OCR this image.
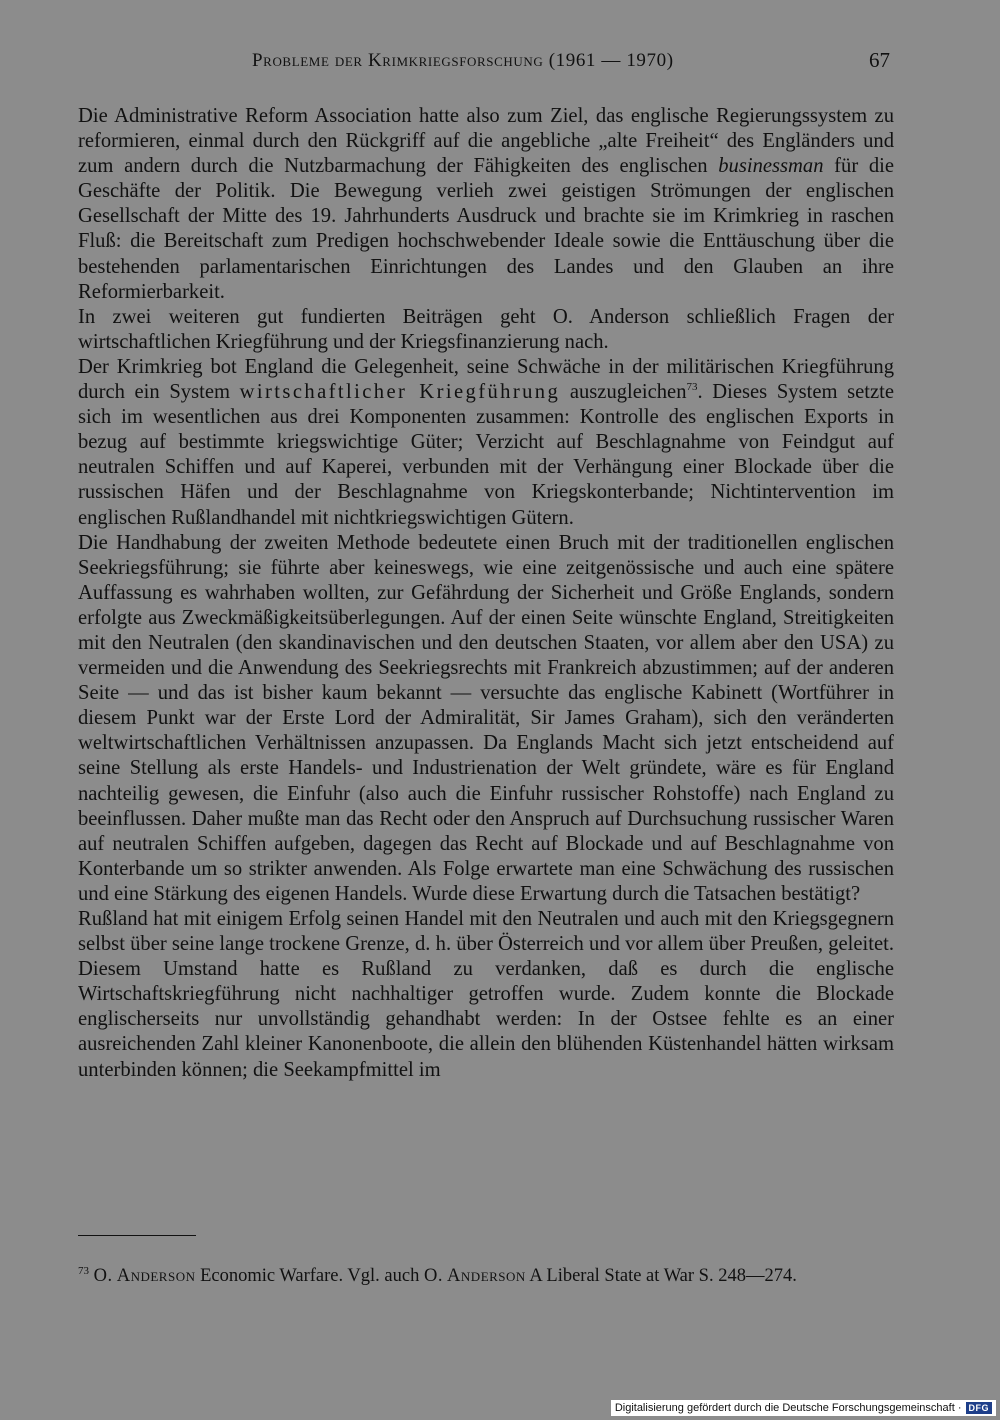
Probleme der Krimkriegsforschung (1961 — 1970)	67

Die Administrative Reform Association hatte also zum Ziel, das englische Regierungssystem zu reformieren, einmal durch den Rückgriff auf die angebliche „alte Freiheit“ des Engländers und zum andern durch die Nutzbarmachung der Fähigkeiten des englischen businessman für die Geschäfte der Politik. Die Bewegung verlieh zwei geistigen Strömungen der englischen Gesellschaft der Mitte des 19. Jahrhunderts Ausdruck und brachte sie im Krimkrieg in raschen Fluß: die Bereitschaft zum Predigen hochschwebender Ideale sowie die Enttäuschung über die bestehenden parlamentarischen Einrichtungen des Landes und den Glauben an ihre Reformierbarkeit.

In zwei weiteren gut fundierten Beiträgen geht O. Anderson schließlich Fragen der wirtschaftlichen Kriegführung und der Kriegsfinanzierung nach.

Der Krimkrieg bot England die Gelegenheit, seine Schwäche in der militärischen Kriegführung durch ein System wirtschaftlicher Kriegführung auszugleichen$^{73}$. Dieses System setzte sich im wesentlichen aus drei Komponenten zusammen: Kontrolle des englischen Exports in bezug auf bestimmte kriegswichtige Güter; Verzicht auf Beschlagnahme von Feindgut auf neutralen Schiffen und auf Kaperei, verbunden mit der Verhängung einer Blockade über die russischen Häfen und der Beschlagnahme von Kriegskonterbande; Nichtintervention im englischen Rußlandhandel mit nichtkriegswichtigen Gütern.

Die Handhabung der zweiten Methode bedeutete einen Bruch mit der traditionellen englischen Seekriegsführung; sie führte aber keineswegs, wie eine zeitgenössische und auch eine spätere Auffassung es wahrhaben wollten, zur Gefährdung der Sicherheit und Größe Englands, sondern erfolgte aus Zweckmäßigkeitsüberlegungen. Auf der einen Seite wünschte England, Streitigkeiten mit den Neutralen (den skandinavischen und den deutschen Staaten, vor allem aber den USA) zu vermeiden und die Anwendung des Seekriegsrechts mit Frankreich abzustimmen; auf der anderen Seite — und das ist bisher kaum bekannt — versuchte das englische Kabinett (Wortführer in diesem Punkt war der Erste Lord der Admiralität, Sir James Graham), sich den veränderten weltwirtschaftlichen Verhältnissen anzupassen. Da Englands Macht sich jetzt entscheidend auf seine Stellung als erste Handels- und Industrienation der Welt gründete, wäre es für England nachteilig gewesen, die Einfuhr (also auch die Einfuhr russischer Rohstoffe) nach England zu beeinflussen. Daher mußte man das Recht oder den Anspruch auf Durchsuchung russischer Waren auf neutralen Schiffen aufgeben, dagegen das Recht auf Blockade und auf Beschlagnahme von Konterbande um so strikter anwenden. Als Folge erwartete man eine Schwächung des russischen und eine Stärkung des eigenen Handels. Wurde diese Erwartung durch die Tatsachen bestätigt?

Rußland hat mit einigem Erfolg seinen Handel mit den Neutralen und auch mit den Kriegsgegnern selbst über seine lange trockene Grenze, d. h. über Österreich und vor allem über Preußen, geleitet. Diesem Umstand hatte es Rußland zu verdanken, daß es durch die englische Wirtschaftskriegführung nicht nachhaltiger getroffen wurde. Zudem konnte die Blockade englischerseits nur unvollständig gehandhabt werden: In der Ostsee fehlte es an einer ausreichenden Zahl kleiner Kanonenboote, die allein den blühenden Küstenhandel hätten wirksam unterbinden können; die Seekampfmittel im

$^{73}$ O. Anderson Economic Warfare. Vgl. auch O. Anderson A Liberal State at War S. 248—274.
Digitalisierung gefördert durch die Deutsche Forschungsgemeinschaft · DFG
